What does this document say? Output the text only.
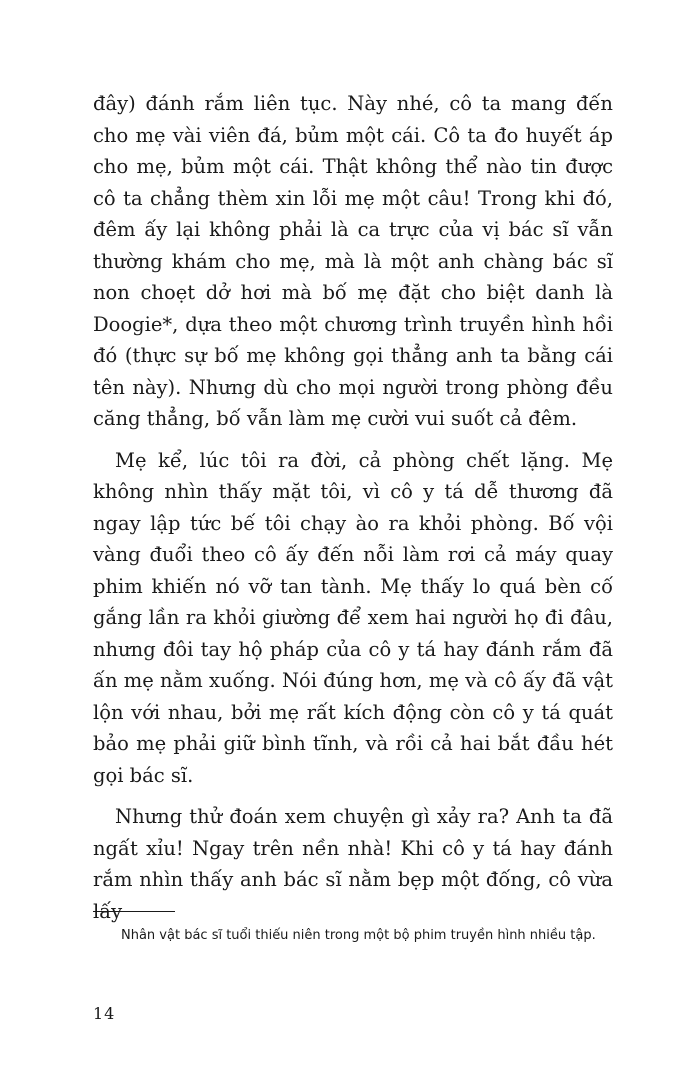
đây) đánh rắm liên tục. Này nhé, cô ta mang đến cho mẹ vài viên đá, bủm một cái. Cô ta đo huyết áp cho mẹ, bủm một cái. Thật không thể nào tin được cô ta chẳng thèm xin lỗi mẹ một câu! Trong khi đó, đêm ấy lại không phải là ca trực của vị bác sĩ vẫn thường khám cho mẹ, mà là một anh chàng bác sĩ non choẹt dở hơi mà bố mẹ đặt cho biệt danh là Doogie*, dựa theo một chương trình truyền hình hồi đó (thực sự bố mẹ không gọi thẳng anh ta bằng cái tên này). Nhưng dù cho mọi người trong phòng đều căng thẳng, bố vẫn làm mẹ cười vui suốt cả đêm.

Mẹ kể, lúc tôi ra đời, cả phòng chết lặng. Mẹ không nhìn thấy mặt tôi, vì cô y tá dễ thương đã ngay lập tức bế tôi chạy ào ra khỏi phòng. Bố vội vàng đuổi theo cô ấy đến nỗi làm rơi cả máy quay phim khiến nó vỡ tan tành. Mẹ thấy lo quá bèn cố gắng lần ra khỏi giường để xem hai người họ đi đâu, nhưng đôi tay hộ pháp của cô y tá hay đánh rắm đã ấn mẹ nằm xuống. Nói đúng hơn, mẹ và cô ấy đã vật lộn với nhau, bởi mẹ rất kích động còn cô y tá quát bảo mẹ phải giữ bình tĩnh, và rồi cả hai bắt đầu hét gọi bác sĩ.

Nhưng thử đoán xem chuyện gì xảy ra? Anh ta đã ngất xỉu! Ngay trên nền nhà! Khi cô y tá hay đánh rắm nhìn thấy anh bác sĩ nằm bẹp một đống, cô vừa lấy

Nhân vật bác sĩ tuổi thiếu niên trong một bộ phim truyền hình nhiều tập.
14
